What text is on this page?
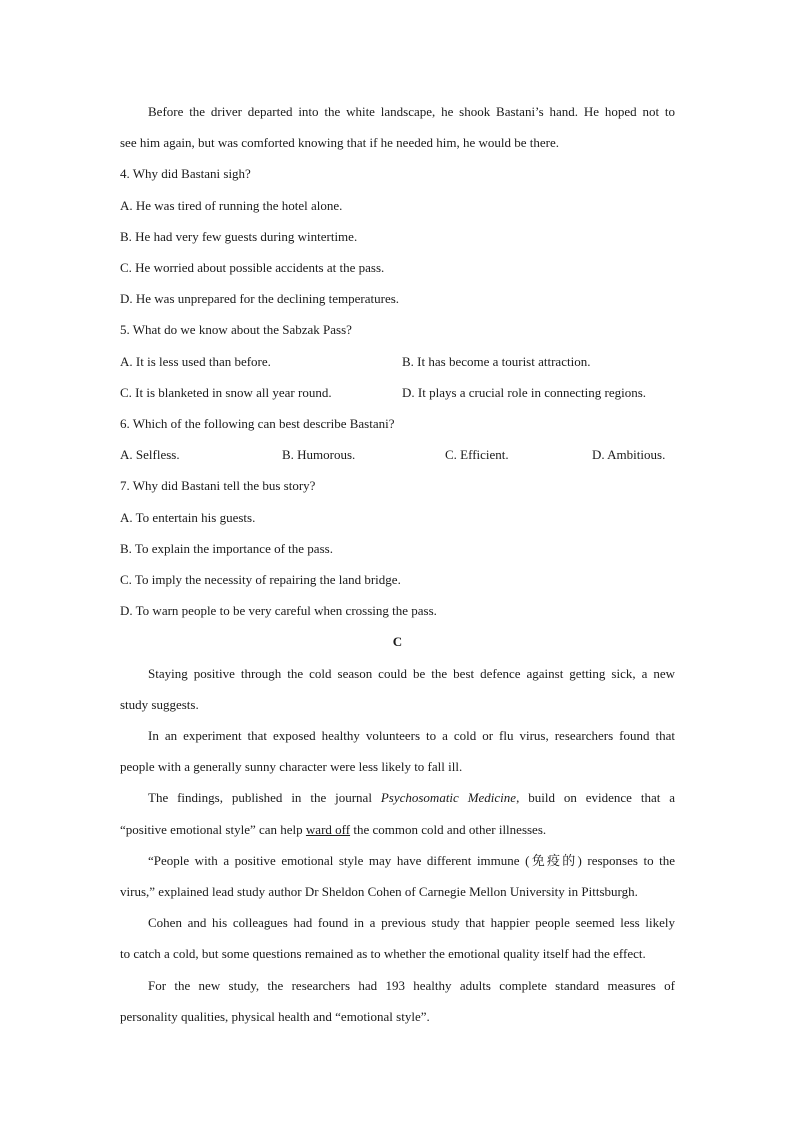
Before the driver departed into the white landscape, he shook Bastani’s hand. He hoped not to
see him again, but was comforted knowing that if he needed him, he would be there.
4. Why did Bastani sigh?
A. He was tired of running the hotel alone.
B. He had very few guests during wintertime.
C. He worried about possible accidents at the pass.
D. He was unprepared for the declining temperatures.
5. What do we know about the Sabzak Pass?
A. It is less used than before.	B. It has become a tourist attraction.
C. It is blanketed in snow all year round.	D. It plays a crucial role in connecting regions.
6. Which of the following can best describe Bastani?
A. Selfless.	B. Humorous.	C. Efficient.	D. Ambitious.
7. Why did Bastani tell the bus story?
A. To entertain his guests.
B. To explain the importance of the pass.
C. To imply the necessity of repairing the land bridge.
D. To warn people to be very careful when crossing the pass.
C
Staying positive through the cold season could be the best defence against getting sick, a new
study suggests.
In an experiment that exposed healthy volunteers to a cold or flu virus, researchers found that
people with a generally sunny character were less likely to fall ill.
The findings, published in the journal Psychosomatic Medicine, build on evidence that a
“positive emotional style” can help ward off the common cold and other illnesses.
“People with a positive emotional style may have different immune (免疫的) responses to the
virus,” explained lead study author Dr Sheldon Cohen of Carnegie Mellon University in Pittsburgh.
Cohen and his colleagues had found in a previous study that happier people seemed less likely
to catch a cold, but some questions remained as to whether the emotional quality itself had the effect.
For the new study, the researchers had 193 healthy adults complete standard measures of
personality qualities, physical health and “emotional style”.
